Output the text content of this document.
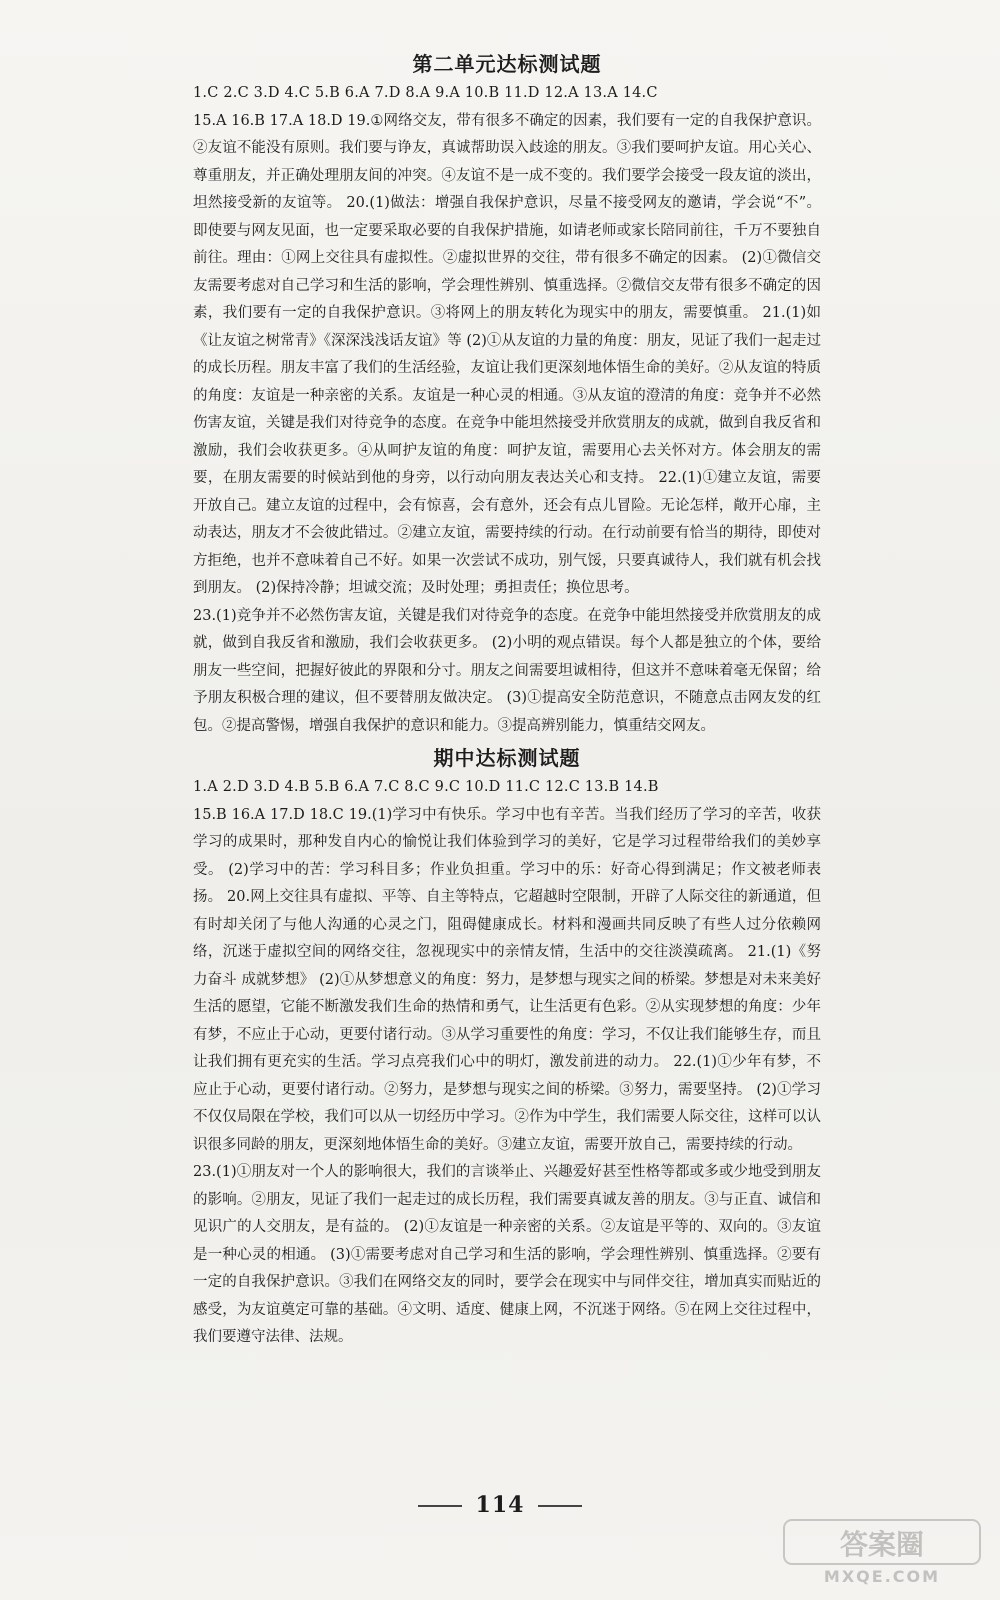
第二单元达标测试题

1.C 2.C 3.D 4.C 5.B 6.A 7.D 8.A 9.A 10.B 11.D 12.A 13.A 14.C

15.A 16.B 17.A 18.D 19.①网络交友，带有很多不确定的因素，我们要有一定的自我保护意识。②友谊不能没有原则。我们要与诤友，真诚帮助误入歧途的朋友。③我们要呵护友谊。用心关心、尊重朋友，并正确处理朋友间的冲突。④友谊不是一成不变的。我们要学会接受一段友谊的淡出，坦然接受新的友谊等。 20.(1)做法：增强自我保护意识，尽量不接受网友的邀请，学会说“不”。即使要与网友见面，也一定要采取必要的自我保护措施，如请老师或家长陪同前往，千万不要独自前往。理由：①网上交往具有虚拟性。②虚拟世界的交往，带有很多不确定的因素。 (2)①微信交友需要考虑对自己学习和生活的影响，学会理性辨别、慎重选择。②微信交友带有很多不确定的因素，我们要有一定的自我保护意识。③将网上的朋友转化为现实中的朋友，需要慎重。 21.(1)如《让友谊之树常青》《深深浅浅话友谊》等 (2)①从友谊的力量的角度：朋友，见证了我们一起走过的成长历程。朋友丰富了我们的生活经验，友谊让我们更深刻地体悟生命的美好。②从友谊的特质的角度：友谊是一种亲密的关系。友谊是一种心灵的相通。③从友谊的澄清的角度：竞争并不必然伤害友谊，关键是我们对待竞争的态度。在竞争中能坦然接受并欣赏朋友的成就，做到自我反省和激励，我们会收获更多。④从呵护友谊的角度：呵护友谊，需要用心去关怀对方。体会朋友的需要，在朋友需要的时候站到他的身旁，以行动向朋友表达关心和支持。 22.(1)①建立友谊，需要开放自己。建立友谊的过程中，会有惊喜，会有意外，还会有点儿冒险。无论怎样，敞开心扉，主动表达，朋友才不会彼此错过。②建立友谊，需要持续的行动。在行动前要有恰当的期待，即使对方拒绝，也并不意味着自己不好。如果一次尝试不成功，别气馁，只要真诚待人，我们就有机会找到朋友。 (2)保持冷静；坦诚交流；及时处理；勇担责任；换位思考。

23.(1)竞争并不必然伤害友谊，关键是我们对待竞争的态度。在竞争中能坦然接受并欣赏朋友的成就，做到自我反省和激励，我们会收获更多。 (2)小明的观点错误。每个人都是独立的个体，要给朋友一些空间，把握好彼此的界限和分寸。朋友之间需要坦诚相待，但这并不意味着毫无保留；给予朋友积极合理的建议，但不要替朋友做决定。 (3)①提高安全防范意识，不随意点击网友发的红包。②提高警惕，增强自我保护的意识和能力。③提高辨别能力，慎重结交网友。

期中达标测试题

1.A 2.D 3.D 4.B 5.B 6.A 7.C 8.C 9.C 10.D 11.C 12.C 13.B 14.B

15.B 16.A 17.D 18.C 19.(1)学习中有快乐。学习中也有辛苦。当我们经历了学习的辛苦，收获学习的成果时，那种发自内心的愉悦让我们体验到学习的美好，它是学习过程带给我们的美妙享受。 (2)学习中的苦：学习科目多；作业负担重。学习中的乐：好奇心得到满足；作文被老师表扬。 20.网上交往具有虚拟、平等、自主等特点，它超越时空限制，开辟了人际交往的新通道，但有时却关闭了与他人沟通的心灵之门，阻碍健康成长。材料和漫画共同反映了有些人过分依赖网络，沉迷于虚拟空间的网络交往，忽视现实中的亲情友情，生活中的交往淡漠疏离。 21.(1)《努力奋斗 成就梦想》 (2)①从梦想意义的角度：努力，是梦想与现实之间的桥梁。梦想是对未来美好生活的愿望，它能不断激发我们生命的热情和勇气，让生活更有色彩。②从实现梦想的角度：少年有梦，不应止于心动，更要付诸行动。③从学习重要性的角度：学习，不仅让我们能够生存，而且让我们拥有更充实的生活。学习点亮我们心中的明灯，激发前进的动力。 22.(1)①少年有梦，不应止于心动，更要付诸行动。②努力，是梦想与现实之间的桥梁。③努力，需要坚持。 (2)①学习不仅仅局限在学校，我们可以从一切经历中学习。②作为中学生，我们需要人际交往，这样可以认识很多同龄的朋友，更深刻地体悟生命的美好。③建立友谊，需要开放自己，需要持续的行动。

23.(1)①朋友对一个人的影响很大，我们的言谈举止、兴趣爱好甚至性格等都或多或少地受到朋友的影响。②朋友，见证了我们一起走过的成长历程，我们需要真诚友善的朋友。③与正直、诚信和见识广的人交朋友，是有益的。 (2)①友谊是一种亲密的关系。②友谊是平等的、双向的。③友谊是一种心灵的相通。 (3)①需要考虑对自己学习和生活的影响，学会理性辨别、慎重选择。②要有一定的自我保护意识。③我们在网络交友的同时，要学会在现实中与同伴交往，增加真实而贴近的感受，为友谊奠定可靠的基础。④文明、适度、健康上网，不沉迷于网络。⑤在网上交往过程中，我们要遵守法律、法规。

114
答案圈
MXQE.COM
